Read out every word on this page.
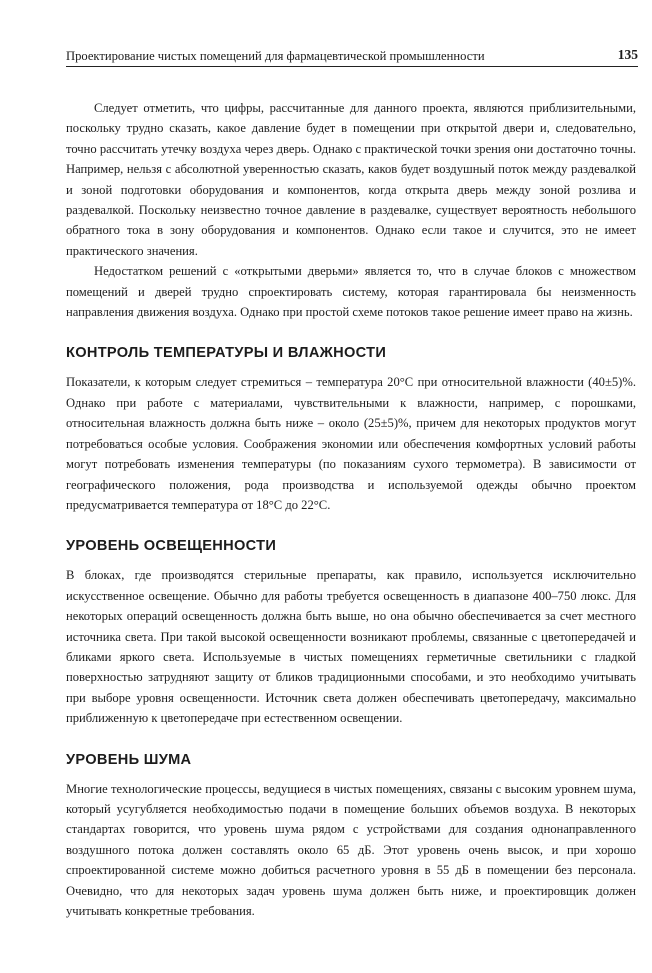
Проектирование чистых помещений для фармацевтической промышленности	135

Следует отметить, что цифры, рассчитанные для данного проекта, являются приблизительными, поскольку трудно сказать, какое давление будет в помещении при открытой двери и, следовательно, точно рассчитать утечку воздуха через дверь. Однако с практической точки зрения они достаточно точны. Например, нельзя с абсолютной уверенностью сказать, каков будет воздушный поток между раздевалкой и зоной подготовки оборудования и компонентов, когда открыта дверь между зоной розлива и раздевалкой. Поскольку неизвестно точное давление в раздевалке, существует вероятность небольшого обратного тока в зону оборудования и компонентов. Однако если такое и случится, это не имеет практического значения.

Недостатком решений с «открытыми дверьми» является то, что в случае блоков с множеством помещений и дверей трудно спроектировать систему, которая гарантировала бы неизменность направления движения воздуха. Однако при простой схеме потоков такое решение имеет право на жизнь.

КОНТРОЛЬ ТЕМПЕРАТУРЫ И ВЛАЖНОСТИ

Показатели, к которым следует стремиться – температура 20°С при относительной влажности (40±5)%. Однако при работе с материалами, чувствительными к влажности, например, с порошками, относительная влажность должна быть ниже – около (25±5)%, причем для некоторых продуктов могут потребоваться особые условия. Соображения экономии или обеспечения комфортных условий работы могут потребовать изменения температуры (по показаниям сухого термометра). В зависимости от географического положения, рода производства и используемой одежды обычно проектом предусматривается температура от 18°С до 22°С.

УРОВЕНЬ ОСВЕЩЕННОСТИ

В блоках, где производятся стерильные препараты, как правило, используется исключительно искусственное освещение. Обычно для работы требуется освещенность в диапазоне 400–750 люкс. Для некоторых операций освещенность должна быть выше, но она обычно обеспечивается за счет местного источника света. При такой высокой освещенности возникают проблемы, связанные с цветопередачей и бликами яркого света. Используемые в чистых помещениях герметичные светильники с гладкой поверхностью затрудняют защиту от бликов традиционными способами, и это необходимо учитывать при выборе уровня освещенности. Источник света должен обеспечивать цветопередачу, максимально приближенную к цветопередаче при естественном освещении.

УРОВЕНЬ ШУМА

Многие технологические процессы, ведущиеся в чистых помещениях, связаны с высоким уровнем шума, который усугубляется необходимостью подачи в помещение больших объемов воздуха. В некоторых стандартах говорится, что уровень шума рядом с устройствами для создания однонаправленного воздушного потока должен составлять около 65 дБ. Этот уровень очень высок, и при хорошо спроектированной системе можно добиться расчетного уровня в 55 дБ в помещении без персонала. Очевидно, что для некоторых задач уровень шума должен быть ниже, и проектировщик должен учитывать конкретные требования.
